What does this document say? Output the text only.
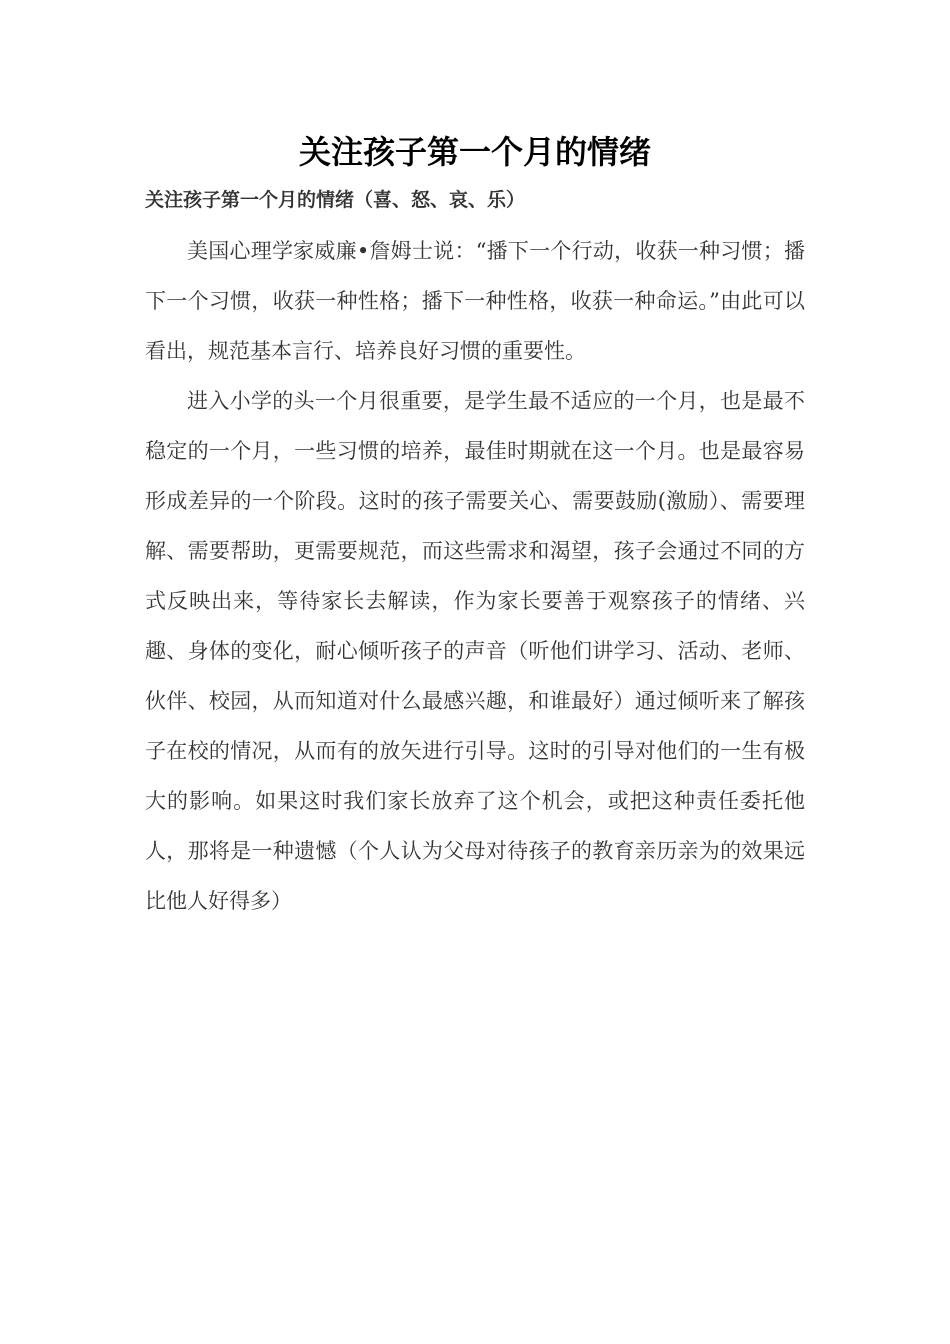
关注孩子第一个月的情绪
关注孩子第一个月的情绪（喜、怒、哀、乐）

美国心理学家威廉•詹姆士说：“播下一个行动，收获一种习惯；播下一个习惯，收获一种性格；播下一种性格，收获一种命运。”由此可以看出，规范基本言行、培养良好习惯的重要性。

进入小学的头一个月很重要，是学生最不适应的一个月，也是最不稳定的一个月，一些习惯的培养，最佳时期就在这一个月。也是最容易形成差异的一个阶段。这时的孩子需要关心、需要鼓励(激励）、需要理解、需要帮助，更需要规范，而这些需求和渴望，孩子会通过不同的方式反映出来，等待家长去解读，作为家长要善于观察孩子的情绪、兴趣、身体的变化，耐心倾听孩子的声音（听他们讲学习、活动、老师、伙伴、校园，从而知道对什么最感兴趣，和谁最好）通过倾听来了解孩子在校的情况，从而有的放矢进行引导。这时的引导对他们的一生有极大的影响。如果这时我们家长放弃了这个机会，或把这种责任委托他人，那将是一种遗憾（个人认为父母对待孩子的教育亲历亲为的效果远比他人好得多）
